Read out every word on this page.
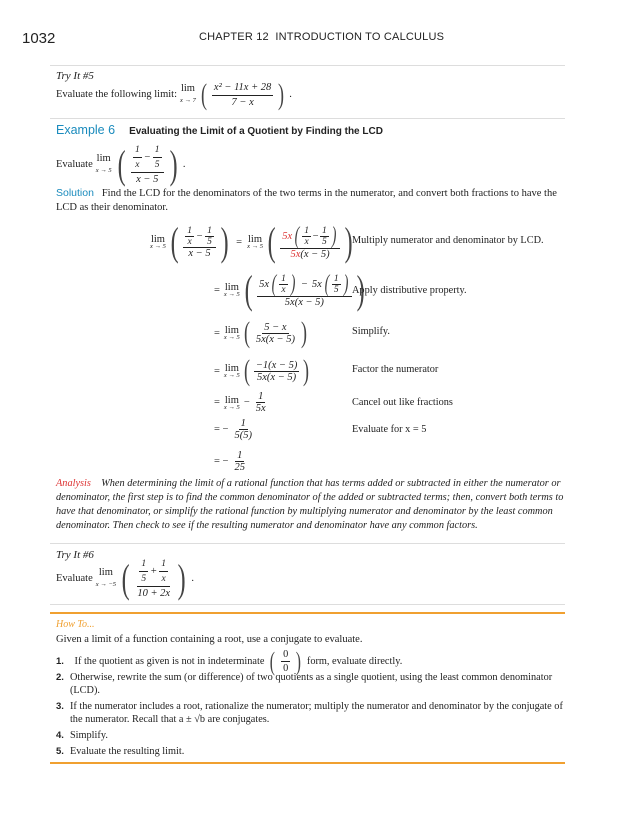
1032	CHAPTER 12 INTRODUCTION TO CALCULUS
Try It #5
Evaluate the following limit:
lim
x → 7 ( $\frac{\text{x² − 11x + 28}}{7 - x}$ ) .
Example 6 Evaluating the Limit of a Quotient by Finding the LCD
Evaluate
lim
x → 5 ( $\frac{\frac{1}{x} - \frac{1}{5}}{x - 5}$ ) .
Solution Find the LCD for the denominators of the two terms in the numerator, and convert both fractions to have the LCD as their denominator.
lim
x → 5 ( $\frac{\frac{1}{x} - \frac{1}{5}}{x - 5}$ ) = lim
x → 5 ( $\frac{5x ( \frac{1}{x} - \frac{1}{5} )}{5x(x - 5)}$ ) Multiply numerator and denominator by LCD.
= lim
x → 5 ( $\frac{5x ( \frac{1}{x} ) - 5x ( \frac{1}{5} )}{5x(x - 5)}$ )
Apply distributive property.
= lim
x → 5 ( $\frac{5 - x}{5x(x - 5)}$ )	Simplify.
= lim
x → 5 ( $\frac{-1(x - 5)}{5x(x - 5)}$ )	Factor the numerator
= lim
$x \to 5 - \frac{1}{5x}$	Cancel out like fractions
= − $\frac{1}{5(5)}$	Evaluate for x = 5
= − $\frac{1}{25}$
Analysis When determining the limit of a rational function that has terms added or subtracted in either the numerator or denominator, the first step is to find the common denominator of the added or subtracted terms; then, convert both terms to have that denominator, or simplify the rational function by multiplying numerator and denominator by the least common denominator. Then check to see if the resulting numerator and denominator have any common factors.
Try It #6
Evaluate
lim
x → −5 ( $\frac{\frac{1}{5} + \frac{1}{x}}{10 + 2x}$ ) .
How To...
Given a limit of a function containing a root, use a conjugate to evaluate.
1.
If the quotient as given is not in indeterminate ( $\frac{0}{0}$ ) form, evaluate directly.
2. Otherwise, rewrite the sum (or difference) of two quotients as a single quotient, using the least common denominator (LCD).
3. If the numerator includes a root, rationalize the numerator; multiply the numerator and denominator by the conjugate of the numerator. Recall that a ± √b are conjugates.
4. Simplify.
5. Evaluate the resulting limit.
